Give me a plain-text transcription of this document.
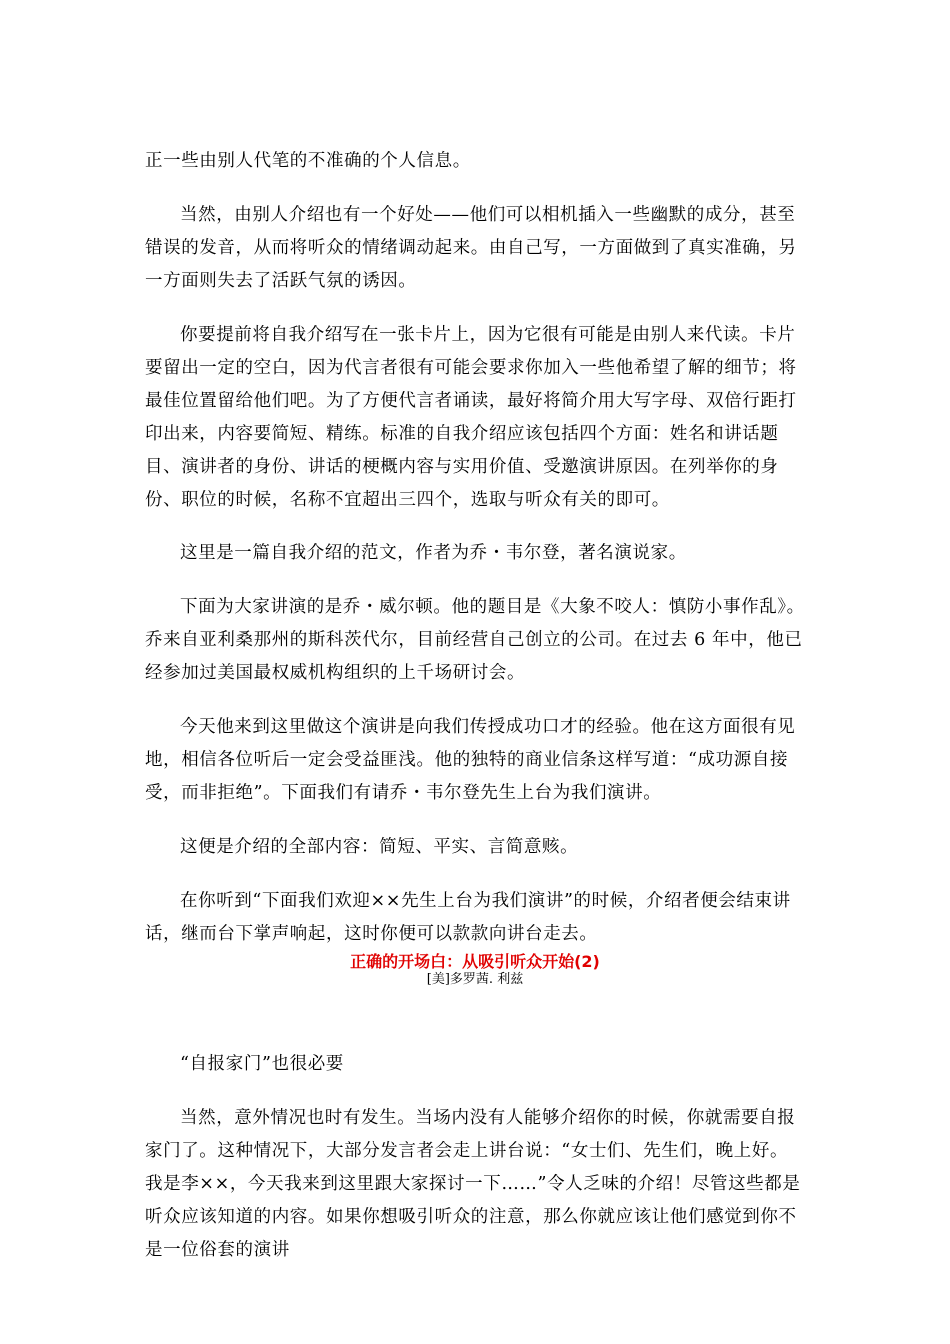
正一些由别人代笔的不准确的个人信息。
当然，由别人介绍也有一个好处——他们可以相机插入一些幽默的成分，甚至错误的发音，从而将听众的情绪调动起来。由自己写，一方面做到了真实准确，另一方面则失去了活跃气氛的诱因。
你要提前将自我介绍写在一张卡片上，因为它很有可能是由别人来代读。卡片要留出一定的空白，因为代言者很有可能会要求你加入一些他希望了解的细节；将最佳位置留给他们吧。为了方便代言者诵读，最好将简介用大写字母、双倍行距打印出来，内容要简短、精练。标准的自我介绍应该包括四个方面：姓名和讲话题目、演讲者的身份、讲话的梗概内容与实用价值、受邀演讲原因。在列举你的身份、职位的时候，名称不宜超出三四个，选取与听众有关的即可。
这里是一篇自我介绍的范文，作者为乔・韦尔登，著名演说家。
下面为大家讲演的是乔・威尔顿。他的题目是《大象不咬人：慎防小事作乱》。乔来自亚利桑那州的斯科茨代尔，目前经营自己创立的公司。在过去 6 年中，他已经参加过美国最权威机构组织的上千场研讨会。
今天他来到这里做这个演讲是向我们传授成功口才的经验。他在这方面很有见地，相信各位听后一定会受益匪浅。他的独特的商业信条这样写道：“成功源自接受，而非拒绝”。下面我们有请乔・韦尔登先生上台为我们演讲。
这便是介绍的全部内容：简短、平实、言简意赅。
在你听到“下面我们欢迎××先生上台为我们演讲”的时候，介绍者便会结束讲话，继而台下掌声响起，这时你便可以款款向讲台走去。
正确的开场白：从吸引听众开始(2)
[美]多罗茜. 利兹
“自报家门”也很必要
当然，意外情况也时有发生。当场内没有人能够介绍你的时候，你就需要自报家门了。这种情况下，大部分发言者会走上讲台说：“女士们、先生们，晚上好。我是李××，今天我来到这里跟大家探讨一下……”令人乏味的介绍！尽管这些都是听众应该知道的内容。如果你想吸引听众的注意，那么你就应该让他们感觉到你不是一位俗套的演讲
